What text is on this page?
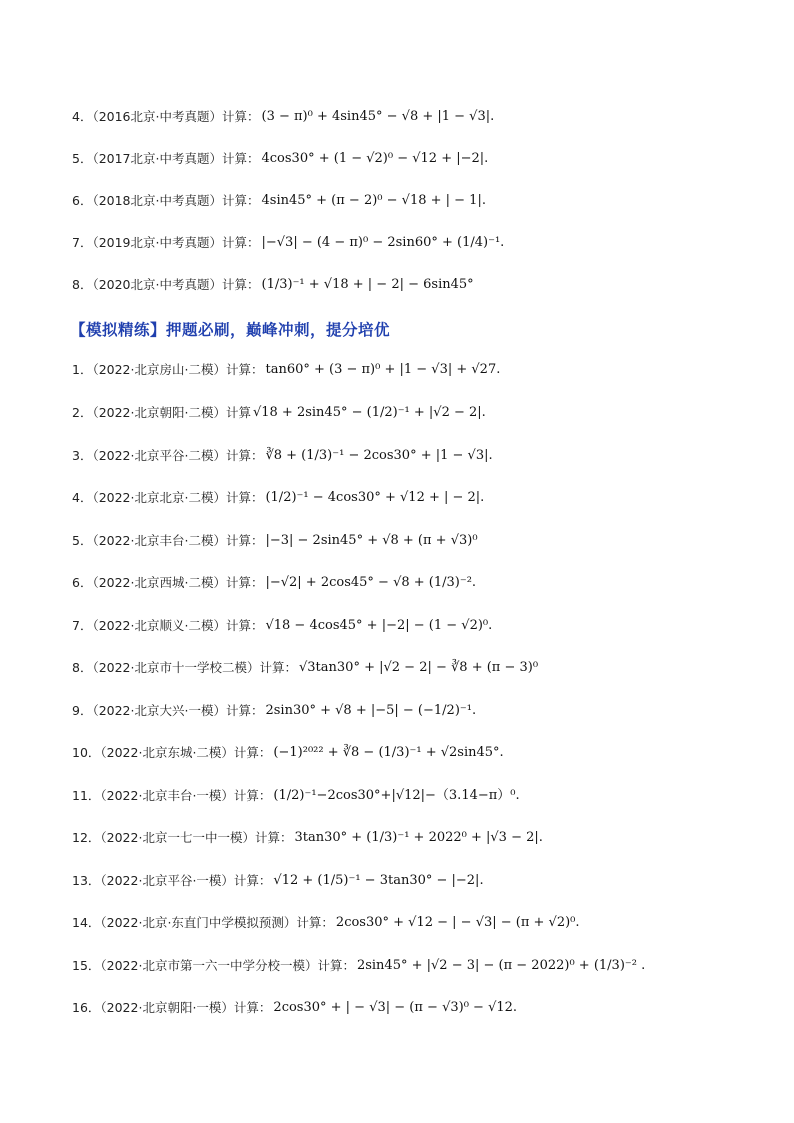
4．（2016北京·中考真题）计算： (3 − π)⁰ + 4sin45° − √8 + |1 − √3|.
5．（2017北京·中考真题）计算： 4cos30° + (1 − √2)⁰ − √12 + |−2|.
6．（2018北京·中考真题）计算： 4sin45° + (π − 2)⁰ − √18 + | − 1|.
7．（2019北京·中考真题）计算： |−√3| − (4 − π)⁰ − 2sin60° + (1/4)⁻¹.
8．（2020北京·中考真题）计算： (1/3)⁻¹ + √18 + | − 2| − 6sin45°
【模拟精练】押题必刷，巅峰冲刺，提分培优
1．（2022·北京房山·二模）计算： tan60° + (3 − π)⁰ + |1 − √3| + √27.
2．（2022·北京朝阳·二模）计算 √18 + 2sin45° − (1/2)⁻¹ + |√2 − 2|.
3．（2022·北京平谷·二模）计算： ∛8 + (1/3)⁻¹ − 2cos30° + |1 − √3|.
4．（2022·北京北京·二模）计算： (1/2)⁻¹ − 4cos30° + √12 + | − 2|.
5．（2022·北京丰台·二模）计算： |−3| − 2sin45° + √8 + (π + √3)⁰
6．（2022·北京西城·二模）计算： |−√2| + 2cos45° − √8 + (1/3)⁻².
7．（2022·北京顺义·二模）计算： √18 − 4cos45° + |−2| − (1 − √2)⁰.
8．（2022·北京市十一学校二模）计算： √3tan30° + |√2 − 2| − ∛8 + (π − 3)⁰
9．（2022·北京大兴·一模）计算： 2sin30° + √8 + |−5| − (−1/2)⁻¹.
10．（2022·北京东城·二模）计算： (−1)²⁰²² + ∛8 − (1/3)⁻¹ + √2sin45°.
11．（2022·北京丰台·一模）计算： (1/2)⁻¹−2cos30°+|√12|−（3.14−π）⁰.
12．（2022·北京一七一中一模）计算： 3tan30° + (1/3)⁻¹ + 2022⁰ + |√3 − 2|.
13．（2022·北京平谷·一模）计算： √12 + (1/5)⁻¹ − 3tan30° − |−2|.
14．（2022·北京·东直门中学模拟预测）计算： 2cos30° + √12 − | − √3| − (π + √2)⁰.
15．（2022·北京市第一六一中学分校一模）计算： 2sin45° + |√2 − 3| − (π − 2022)⁰ + (1/3)⁻² .
16．（2022·北京朝阳·一模）计算： 2cos30° + | − √3| − (π − √3)⁰ − √12.
